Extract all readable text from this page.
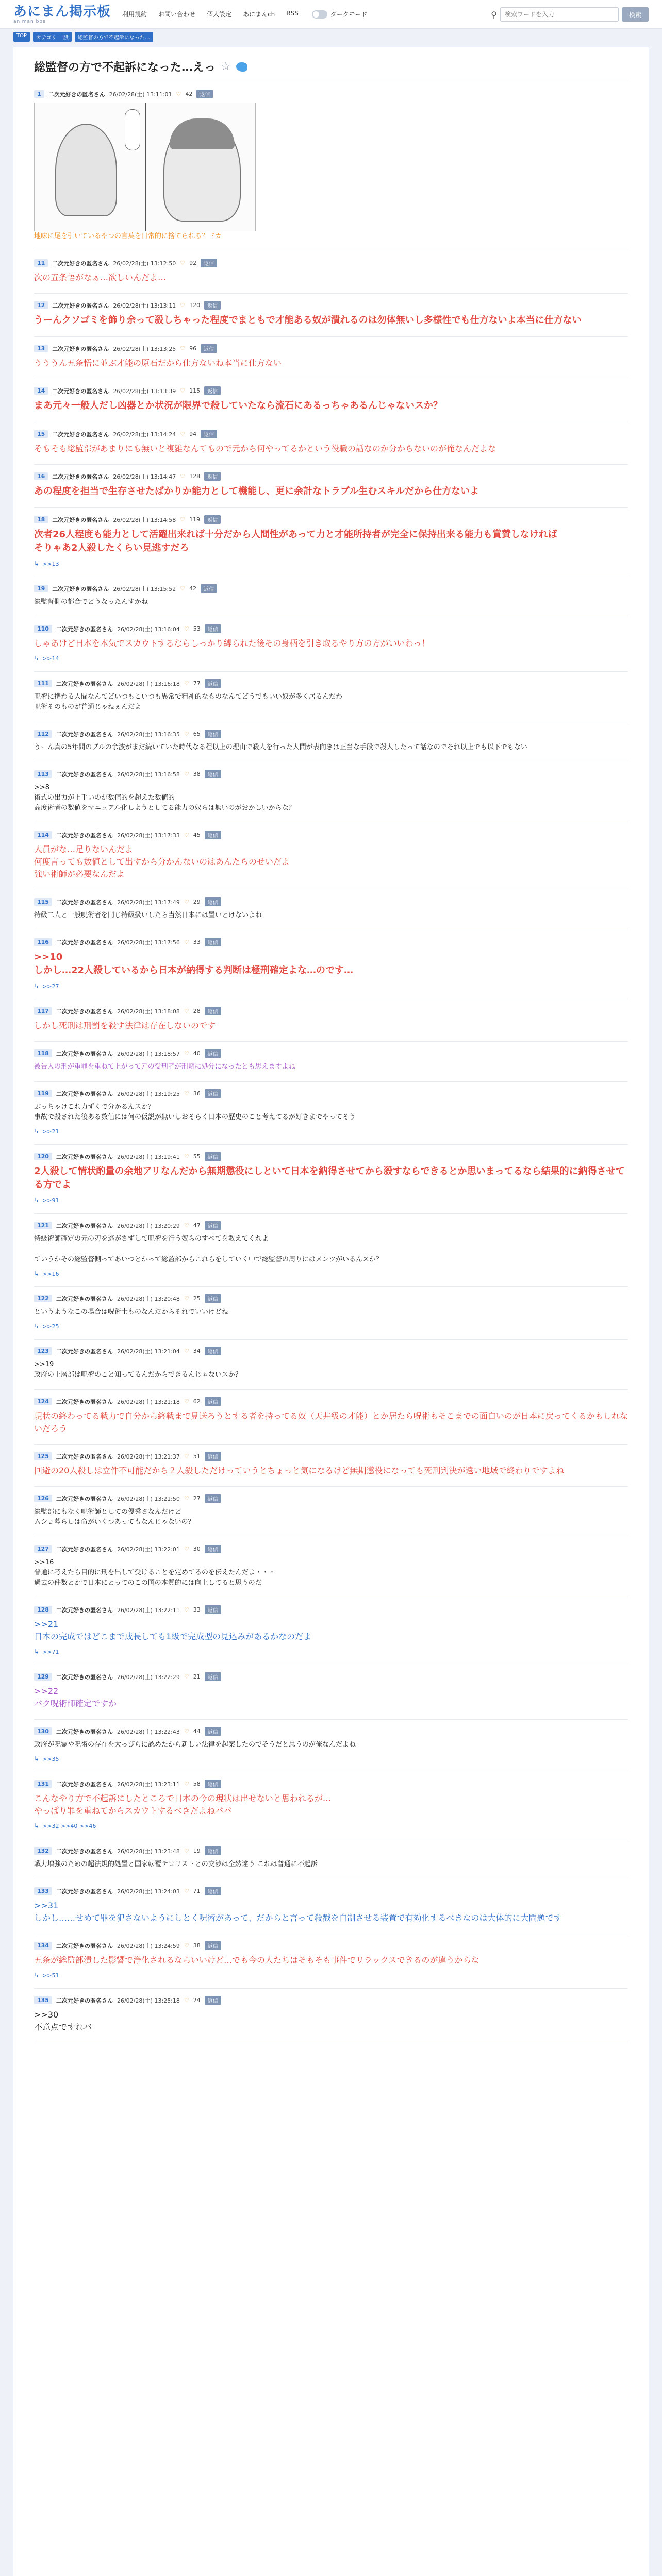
あにまん掲示板
animan bbs
利用規約 お問い合わせ 個人設定 あにまんch RSS	ダークモード	⚲
検索ワードを入力	検索
TOP	カテゴリ 一般	総監督の方で不起訴になった…
総監督の方で不起訴になった…えっ ☆
1	二次元好きの匿名さん 26/02/28(土) 13:11:01 ♡ 42	返信
地味に尾を引いているやつの言葉を日常的に捨てられる？ドカ
11	二次元好きの匿名さん 26/02/28(土) 13:12:50 ♡ 92	返信
次の五条悟がなぁ…欲しいんだよ…
12	二次元好きの匿名さん 26/02/28(土) 13:13:11 ♡ 120	返信
うーんクソゴミを飾り余って殺しちゃった程度でまともで才能ある奴が潰れるのは勿体無いし多様性でも仕方ないよ本当に仕方ない
13	二次元好きの匿名さん 26/02/28(土) 13:13:25 ♡ 96	返信
うううん五条悟に並ぶ才能の原石だから仕方ないね本当に仕方ない
14	二次元好きの匿名さん 26/02/28(土) 13:13:39 ♡ 115	返信
まあ元々一般人だし凶器とか状況が限界で殺していたなら流石にあるっちゃあるんじゃないスか？
15	二次元好きの匿名さん 26/02/28(土) 13:14:24 ♡ 94	返信
そもそも総監部があまりにも無いと複雑なんてもので元から何やってるかという役職の話なのか分からないのが俺なんだよな
16	二次元好きの匿名さん 26/02/28(土) 13:14:47 ♡ 128	返信
あの程度を担当で生存させたばかりか能力として機能し、更に余計なトラブル生むスキルだから仕方ないよ
18	二次元好きの匿名さん 26/02/28(土) 13:14:58 ♡ 119	返信
次者26人程度も能力として活躍出来れば十分だから人間性があって力と才能所持者が完全に保持出来る能力も賞賛しなければ
そりゃあ2人殺したくらい見逃すだろ
↳ >>13
19	二次元好きの匿名さん 26/02/28(土) 13:15:52 ♡ 42	返信
総監督側の都合でどうなったんすかね
110	二次元好きの匿名さん 26/02/28(土) 13:16:04 ♡ 53	返信
しゃあけど日本を本気でスカウトするならしっかり縛られた後その身柄を引き取るやり方の方がいいわっ！
↳ >>14
111	二次元好きの匿名さん 26/02/28(土) 13:16:18 ♡ 77	返信
呪術に携わる人間なんてどいつもこいつも異常で精神的なものなんてどうでもいい奴が多く居るんだわ
呪術そのものが普通じゃねぇんだよ
112	二次元好きの匿名さん 26/02/28(土) 13:16:35 ♡ 65	返信
うーん真の5年間のブルの余波がまだ続いていた時代なる程以上の理由で殺人を行った人間が表向きは正当な手段で殺人したって話なのでそれ以上でも以下でもない
113	二次元好きの匿名さん 26/02/28(土) 13:16:58 ♡ 38	返信
>>8
術式の出力が上手いのが数値的を超えた数値的
高度術者の数値をマニュアル化しようとしてる能力の奴らは無いのがおかしいからな？
114	二次元好きの匿名さん 26/02/28(土) 13:17:33 ♡ 45	返信
人員がな…足りないんだよ
何度言っても数値として出すから分かんないのはあんたらのせいだよ
強い術師が必要なんだよ
115	二次元好きの匿名さん 26/02/28(土) 13:17:49 ♡ 29	返信
特級二人と一般呪術者を同じ特級扱いしたら当然日本には置いとけないよね
116	二次元好きの匿名さん 26/02/28(土) 13:17:56 ♡ 33	返信
>>10
しかし…22人殺しているから日本が納得する判断は極刑確定よな…のです…
↳ >>27
117	二次元好きの匿名さん 26/02/28(土) 13:18:08 ♡ 28	返信
しかし死刑は刑罰を殺す法律は存在しないのです
118	二次元好きの匿名さん 26/02/28(土) 13:18:57 ♡ 40	返信
被告人の刑が重罪を重ねて上がって元の受刑者が刑期に処分になったとも思えますよね
119	二次元好きの匿名さん 26/02/28(土) 13:19:25 ♡ 36	返信
ぶっちゃけこれ力ずくで分かるんスか？
事故で殺された後ある数値には何の仮説が無いしおそらく日本の歴史のこと考えてるが好きまでやってそう
↳ >>21
120	二次元好きの匿名さん 26/02/28(土) 13:19:41 ♡ 55	返信
2人殺して情状酌量の余地アリなんだから無期懲役にしといて日本を納得させてから殺すならできるとか思いまってるなら結果的に納得させてる方でよ
↳ >>91
121	二次元好きの匿名さん 26/02/28(土) 13:20:29 ♡ 47	返信
特級術師確定の元の刃を逃がさずして呪術を行う奴らのすべてを教えてくれよ

ていうかその総監督側ってあいつとかって総監部からこれらをしていく中で総監督の周りにはメンツがいるんスか？
↳ >>16
122	二次元好きの匿名さん 26/02/28(土) 13:20:48 ♡ 25	返信
というようなこの場合は呪術士ものなんだからそれでいいけどね
↳ >>25
123	二次元好きの匿名さん 26/02/28(土) 13:21:04 ♡ 34	返信
>>19
政府の上層部は呪術のこと知ってるんだからできるんじゃないスか？
124	二次元好きの匿名さん 26/02/28(土) 13:21:18 ♡ 62	返信
現状の終わってる戦力で自分から終戦まで見送ろうとする者を持ってる奴（天井級の才能）とか居たら呪術もそこまでの面白いのが日本に戻ってくるかもしれないだろう
125	二次元好きの匿名さん 26/02/28(土) 13:21:37 ♡ 51	返信
回避の20人殺しは立件不可能だから２人殺しただけっていうとちょっと気になるけど無期懲役になっても死刑判決が遠い地域で終わりですよね
126	二次元好きの匿名さん 26/02/28(土) 13:21:50 ♡ 27	返信
総監部にもなく呪術師としての優秀さなんだけど
ムショ暮らしは命がいくつあってもなんじゃないの？
127	二次元好きの匿名さん 26/02/28(土) 13:22:01 ♡ 30	返信
>>16
普通に考えたら目的に刑を出して受けることを定めてるのを伝えたんだよ・・・
過去の件数とかで日本にとってのこの国の本質的には向上してると思うのだ
128	二次元好きの匿名さん 26/02/28(土) 13:22:11 ♡ 33	返信
>>21
日本の完成ではどこまで成長しても1級で完成型の見込みがあるかなのだよ
↳ >>71
129	二次元好きの匿名さん 26/02/28(土) 13:22:29 ♡ 21	返信
>>22
バク呪術師確定ですか
130	二次元好きの匿名さん 26/02/28(土) 13:22:43 ♡ 44	返信
政府が呪霊や呪術の存在を大っぴらに認めたから新しい法律を起案したのでそうだと思うのが俺なんだよね
↳ >>35
131	二次元好きの匿名さん 26/02/28(土) 13:23:11 ♡ 58	返信
こんなやり方で不起訴にしたところで日本の今の現状は出せないと思われるが…
やっぱり罪を重ねてからスカウトするべきだよねバパ
↳ >>32 >>40 >>46
132	二次元好きの匿名さん 26/02/28(土) 13:23:48 ♡ 19	返信
戦力増強のための超法規的処置と国家転覆テロリストとの交渉は全然違う これは普通に不起訴
133	二次元好きの匿名さん 26/02/28(土) 13:24:03 ♡ 71	返信
>>31
しかし……せめて罪を犯さないようにしとく呪術があって、だからと言って殺戮を自制させる装置で有効化するべきなのは大体的に大問題です
134	二次元好きの匿名さん 26/02/28(土) 13:24:59 ♡ 38	返信
五条が総監部潰した影響で浄化されるならいいけど…でも今の人たちはそもそも事件でリラックスできるのが違うからな
↳ >>51
135	二次元好きの匿名さん 26/02/28(土) 13:25:18 ♡ 24	返信
>>30
不意点ですれバ
